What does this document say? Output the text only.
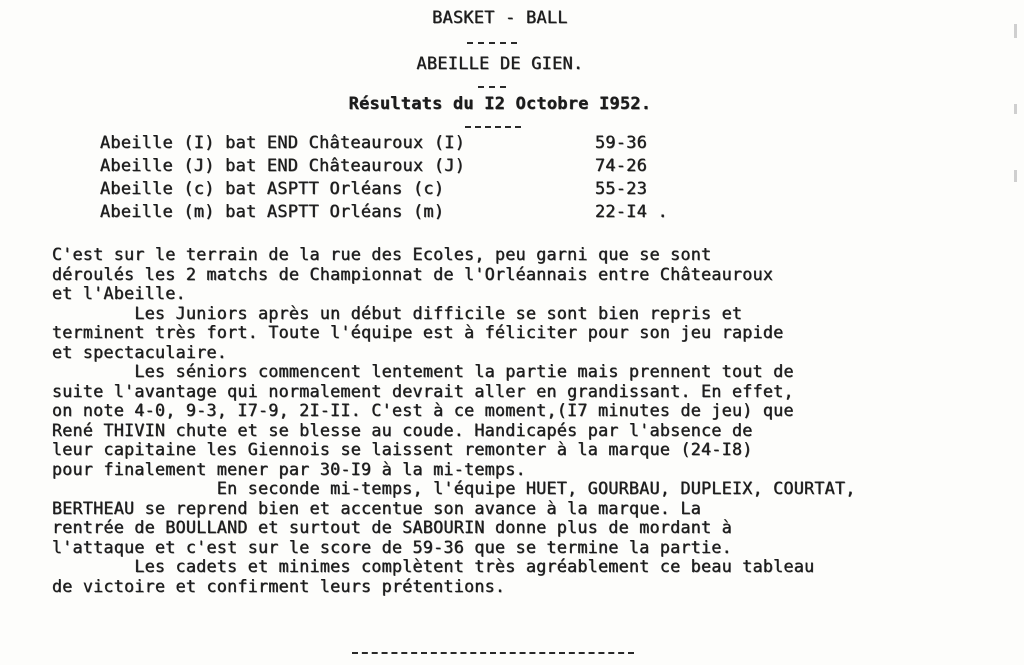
BASKET - BALL
ABEILLE DE GIEN.
Résultats du I2 Octobre I952.
Abeille (I) bat END Châteauroux (I)	59-36
Abeille (J) bat END Châteauroux (J)	74-26
Abeille (c) bat ASPTT Orléans (c)	55-23
Abeille (m) bat ASPTT Orléans (m)	22-I4 .
C'est sur le terrain de la rue des Ecoles, peu garni que se sont
déroulés les 2 matchs de Championnat de l'Orléannais entre Châteauroux
et l'Abeille.
Les Juniors après un début difficile se sont bien repris et
terminent très fort. Toute l'équipe est à féliciter pour son jeu rapide
et spectaculaire.
Les séniors commencent lentement la partie mais prennent tout de
suite l'avantage qui normalement devrait aller en grandissant. En effet,
on note 4-0, 9-3, I7-9, 2I-II. C'est à ce moment,(I7 minutes de jeu) que
René THIVIN chute et se blesse au coude. Handicapés par l'absence de
leur capitaine les Giennois se laissent remonter à la marque (24-I8)
pour finalement mener par 30-I9 à la mi-temps.
En seconde mi-temps, l'équipe HUET, GOURBAU, DUPLEIX, COURTAT,
BERTHEAU se reprend bien et accentue son avance à la marque. La
rentrée de BOULLAND et surtout de SABOURIN donne plus de mordant à
l'attaque et c'est sur le score de 59-36 que se termine la partie.
Les cadets et minimes complètent très agréablement ce beau tableau
de victoire et confirment leurs prétentions.
